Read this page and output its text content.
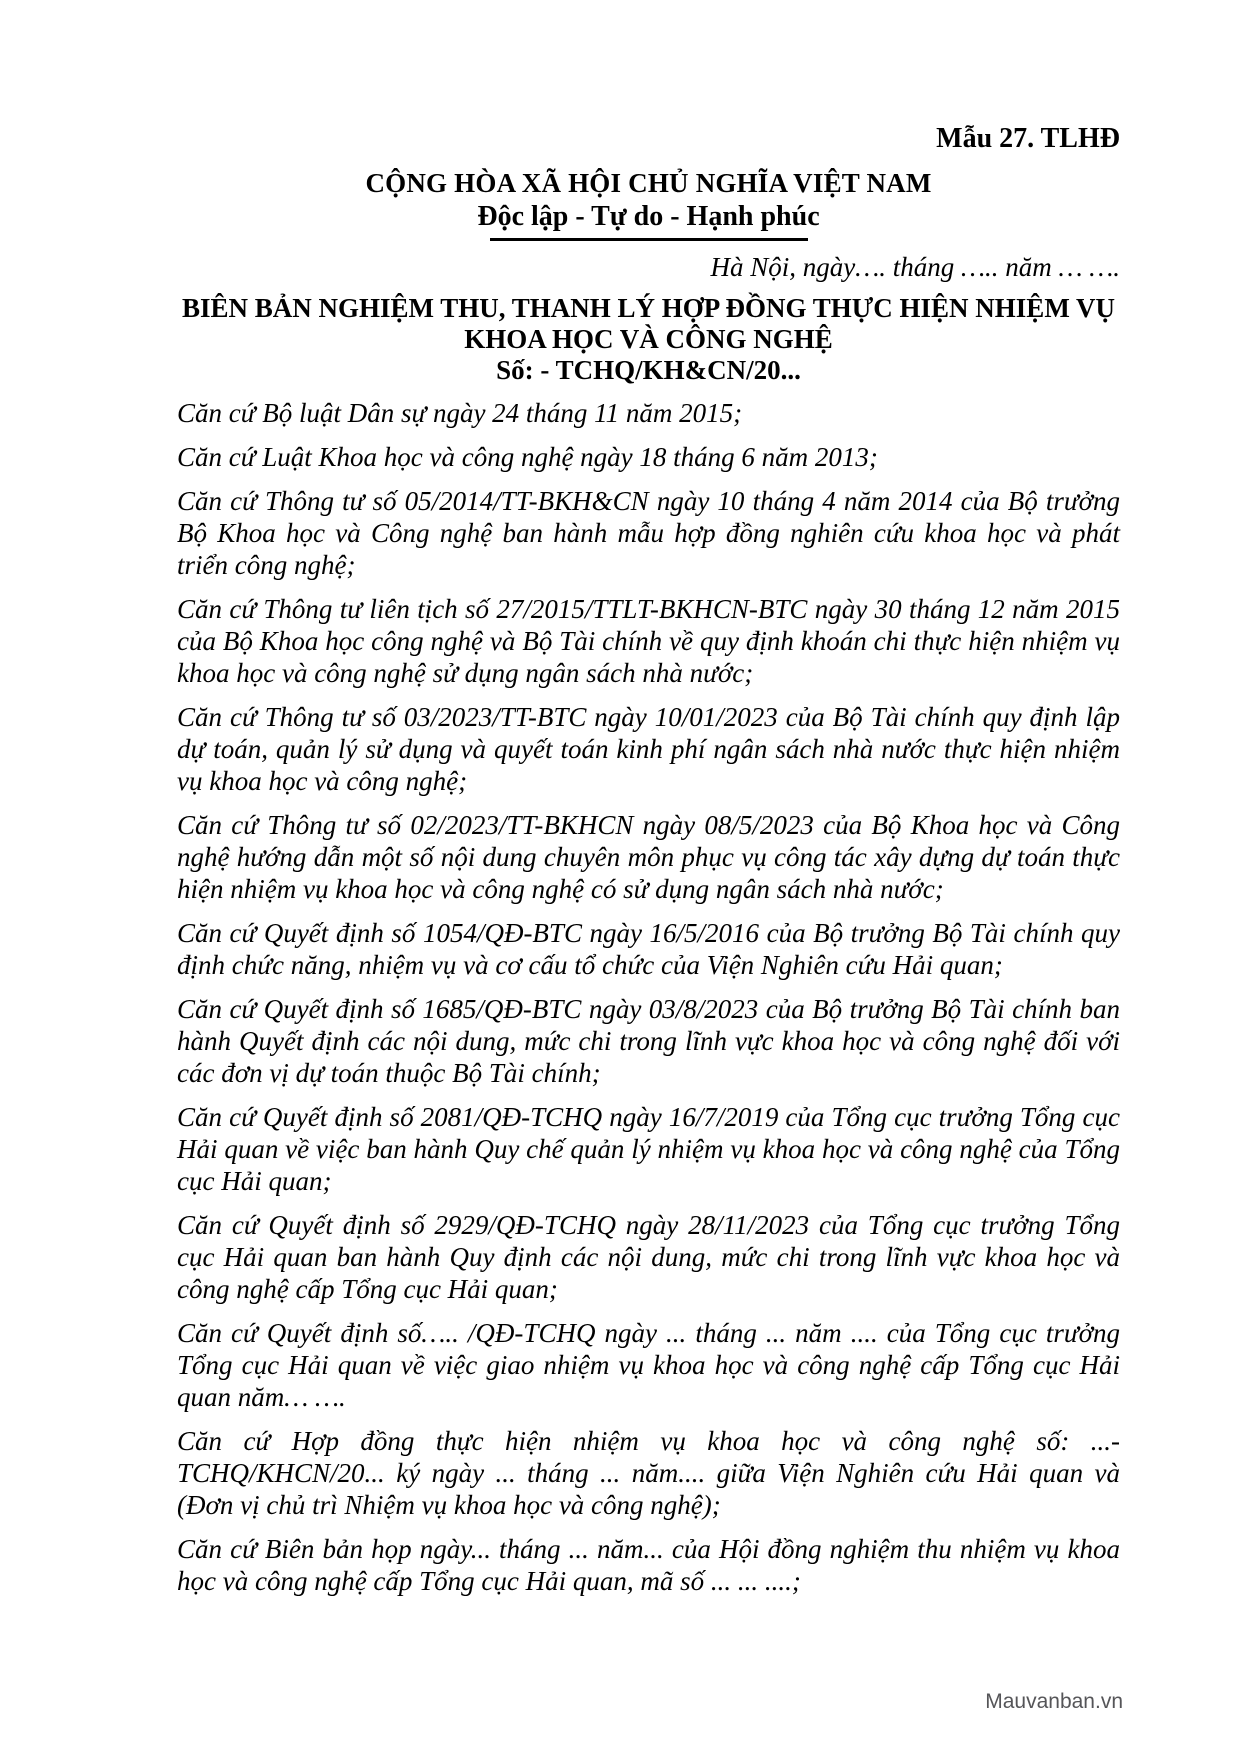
Mẫu 27. TLHĐ
CỘNG HÒA XÃ HỘI CHỦ NGHĨA VIỆT NAM
Độc lập - Tự do - Hạnh phúc
Hà Nội, ngày…. tháng ….. năm … ….
BIÊN BẢN NGHIỆM THU, THANH LÝ HỢP ĐỒNG THỰC HIỆN NHIỆM VỤ
KHOA HỌC VÀ CÔNG NGHỆ
Số: - TCHQ/KH&CN/20...

Căn cứ Bộ luật Dân sự ngày 24 tháng 11 năm 2015;

Căn cứ Luật Khoa học và công nghệ ngày 18 tháng 6 năm 2013;

Căn cứ Thông tư số 05/2014/TT-BKH&CN ngày 10 tháng 4 năm 2014 của Bộ trưởng Bộ Khoa học và Công nghệ ban hành mẫu hợp đồng nghiên cứu khoa học và phát triển công nghệ;

Căn cứ Thông tư liên tịch số 27/2015/TTLT-BKHCN-BTC ngày 30 tháng 12 năm 2015 của Bộ Khoa học công nghệ và Bộ Tài chính về quy định khoán chi thực hiện nhiệm vụ khoa học và công nghệ sử dụng ngân sách nhà nước;

Căn cứ Thông tư số 03/2023/TT-BTC ngày 10/01/2023 của Bộ Tài chính quy định lập dự toán, quản lý sử dụng và quyết toán kinh phí ngân sách nhà nước thực hiện nhiệm vụ khoa học và công nghệ;

Căn cứ Thông tư số 02/2023/TT-BKHCN ngày 08/5/2023 của Bộ Khoa học và Công nghệ hướng dẫn một số nội dung chuyên môn phục vụ công tác xây dựng dự toán thực hiện nhiệm vụ khoa học và công nghệ có sử dụng ngân sách nhà nước;

Căn cứ Quyết định số 1054/QĐ-BTC ngày 16/5/2016 của Bộ trưởng Bộ Tài chính quy định chức năng, nhiệm vụ và cơ cấu tổ chức của Viện Nghiên cứu Hải quan;

Căn cứ Quyết định số 1685/QĐ-BTC ngày 03/8/2023 của Bộ trưởng Bộ Tài chính ban hành Quyết định các nội dung, mức chi trong lĩnh vực khoa học và công nghệ đối với các đơn vị dự toán thuộc Bộ Tài chính;

Căn cứ Quyết định số 2081/QĐ-TCHQ ngày 16/7/2019 của Tổng cục trưởng Tổng cục Hải quan về việc ban hành Quy chế quản lý nhiệm vụ khoa học và công nghệ của Tổng cục Hải quan;

Căn cứ Quyết định số 2929/QĐ-TCHQ ngày 28/11/2023 của Tổng cục trưởng Tổng cục Hải quan ban hành Quy định các nội dung, mức chi trong lĩnh vực khoa học và công nghệ cấp Tổng cục Hải quan;

Căn cứ Quyết định số….. /QĐ-TCHQ ngày ... tháng ... năm .... của Tổng cục trưởng Tổng cục Hải quan về việc giao nhiệm vụ khoa học và công nghệ cấp Tổng cục Hải quan năm… ….

Căn cứ Hợp đồng thực hiện nhiệm vụ khoa học và công nghệ số: ...- TCHQ/KHCN/20... ký ngày ... tháng ... năm.... giữa Viện Nghiên cứu Hải quan và (Đơn vị chủ trì Nhiệm vụ khoa học và công nghệ);

Căn cứ Biên bản họp ngày... tháng ... năm... của Hội đồng nghiệm thu nhiệm vụ khoa học và công nghệ cấp Tổng cục Hải quan, mã số ... ... ....;

Mauvanban.vn
